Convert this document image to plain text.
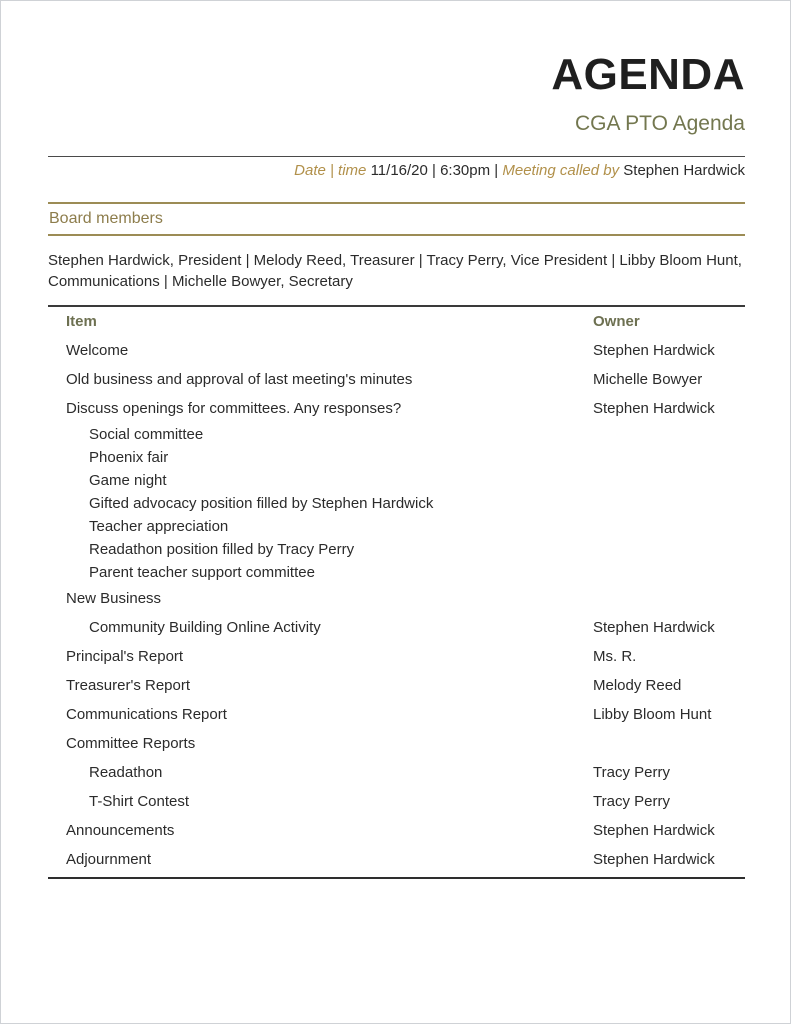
AGENDA
CGA PTO Agenda
Date | time 11/16/20 | 6:30pm | Meeting called by Stephen Hardwick
Board members
Stephen Hardwick, President | Melody Reed, Treasurer | Tracy Perry, Vice President | Libby Bloom Hunt, Communications | Michelle Bowyer, Secretary
Item	Owner
Welcome	Stephen Hardwick
Old business and approval of last meeting's minutes	Michelle Bowyer
Discuss openings for committees. Any responses?	Stephen Hardwick
Social committee
Phoenix fair
Game night
Gifted advocacy position filled by Stephen Hardwick
Teacher appreciation
Readathon position filled by Tracy Perry
Parent teacher support committee
New Business
Community Building Online Activity	Stephen Hardwick
Principal's Report	Ms. R.
Treasurer's Report	Melody Reed
Communications Report	Libby Bloom Hunt
Committee Reports
Readathon	Tracy Perry
T-Shirt Contest	Tracy Perry
Announcements	Stephen Hardwick
Adjournment	Stephen Hardwick
